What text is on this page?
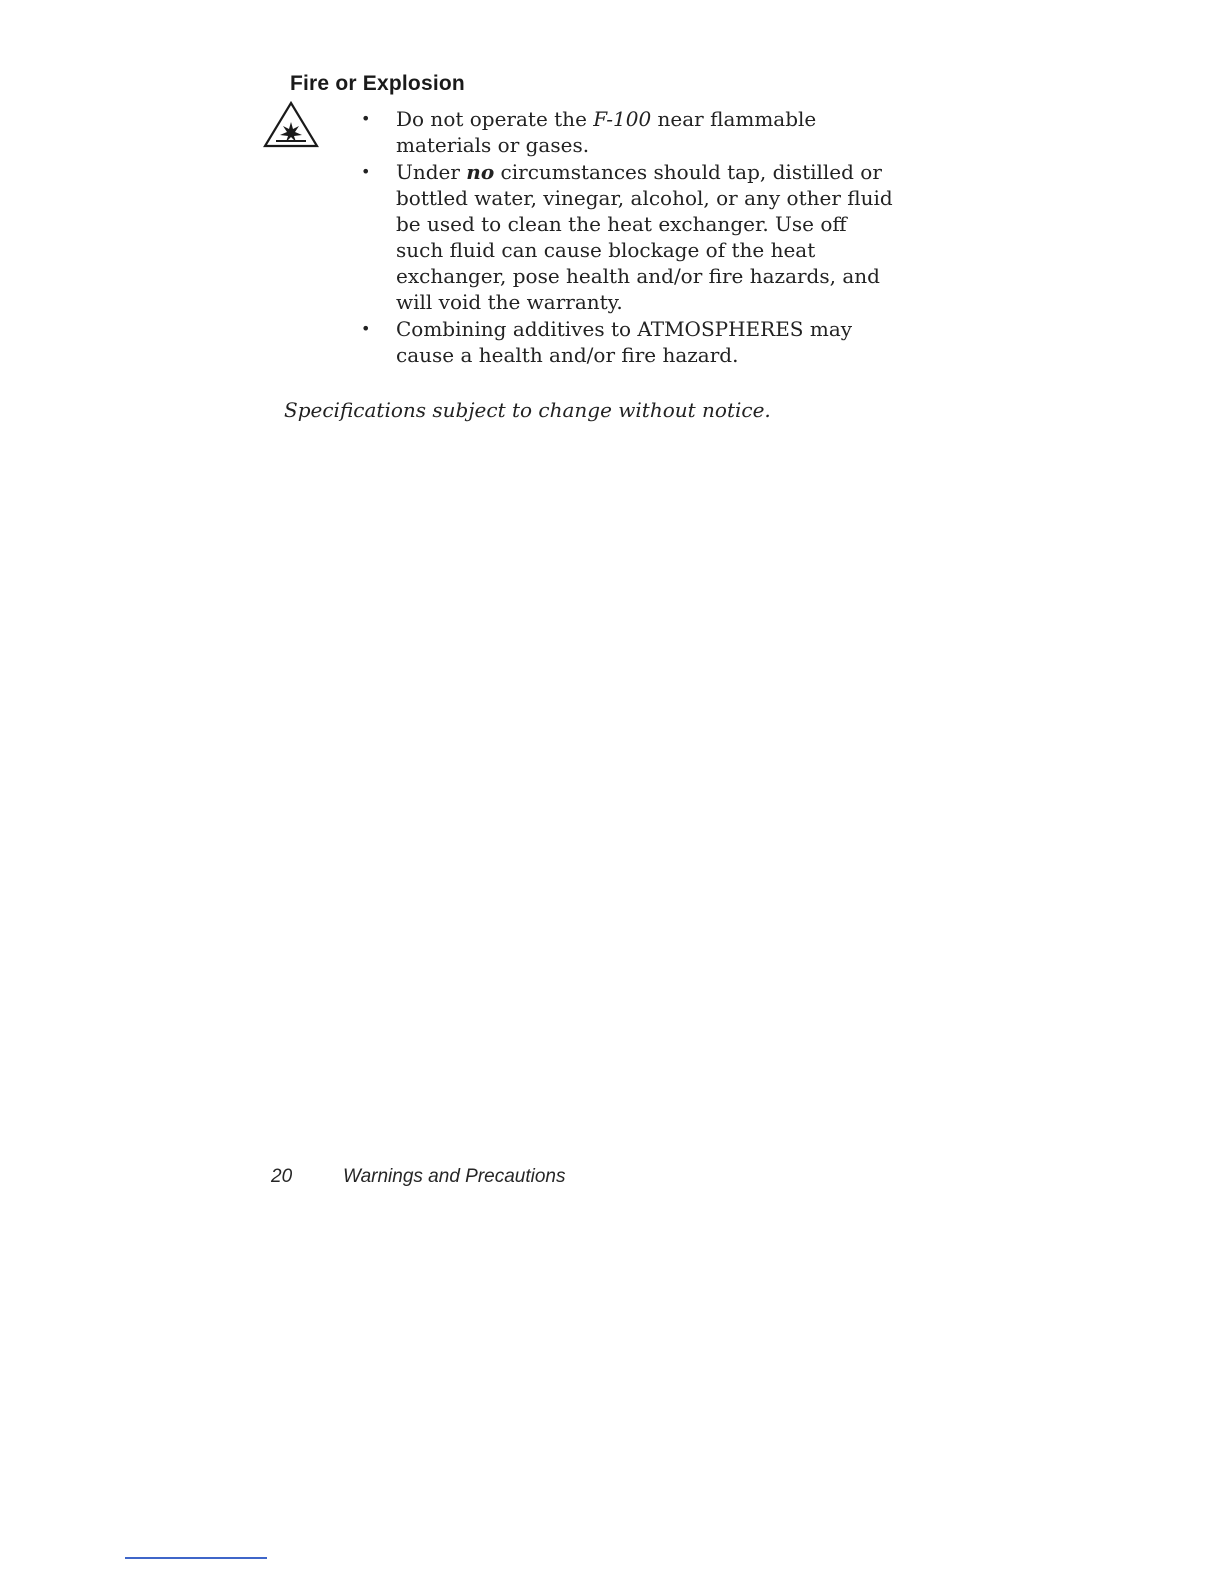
Fire or Explosion
• Do not operate the F-100 near flammable materials or gases.
• Under no circumstances should tap, distilled or bottled water, vinegar, alcohol, or any other fluid be used to clean the heat exchanger. Use off such fluid can cause blockage of the heat exchanger, pose health and/or fire hazards, and will void the warranty.
• Combining additives to ATMOSPHERES may cause a health and/or fire hazard.

Specifications subject to change without notice.

20	Warnings and Precautions
